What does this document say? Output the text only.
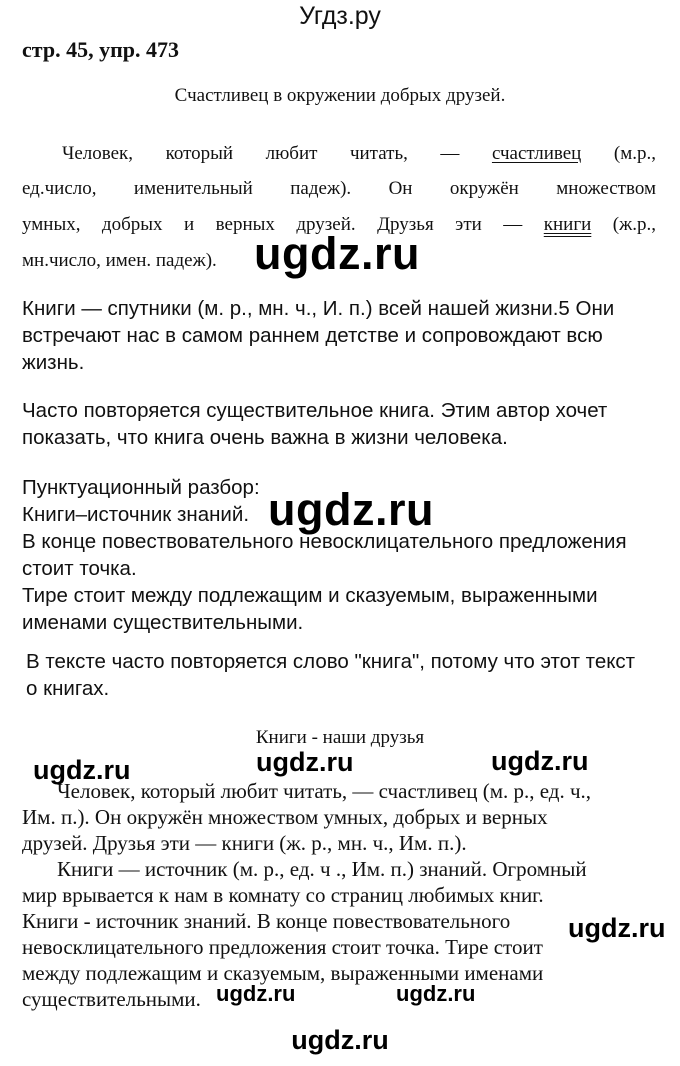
Угдз.ру
стр. 45, упр. 473
Счастливец в окружении добрых друзей.
Человек, который любит читать, — счастливец (м.р.,
ед.число, именительный падеж). Он окружён множеством
умных, добрых и верных друзей. Друзья эти — книги (ж.р.,
мн.число, имен. падеж).
Книги — спутники (м. р., мн. ч., И. п.) всей нашей жизни.5 Они
встречают нас в самом раннем детстве и сопровождают всю
жизнь.
Часто повторяется существительное книга. Этим автор хочет
показать, что книга очень важна в жизни человека.
Пунктуационный разбор:
Книги–источник знаний.
В конце повествовательного невосклицательного предложения
стоит точка.
Тире стоит между подлежащим и сказуемым, выраженными
именами существительными.
В тексте часто повторяется слово "книга", потому что этот текст
о книгах.
Книги - наши друзья
Человек, который любит читать, — счастливец (м. р., ед. ч.,
Им. п.). Он окружён множеством умных, добрых и верных
друзей. Друзья эти — книги (ж. р., мн. ч., Им. п.).
Книги — источник (м. р., ед. ч ., Им. п.) знаний. Огромный
мир врывается к нам в комнату со страниц любимых книг.
Книги - источник знаний. В конце повествовательного
невосклицательного предложения стоит точка. Тире стоит
между подлежащим и сказуемым, выраженными именами
существительными.
ugdz.ru
ugdz.ru
ugdz.ru	ugdz.ru	ugdz.ru
ugdz.ru
ugdz.ru	ugdz.ru
ugdz.ru
